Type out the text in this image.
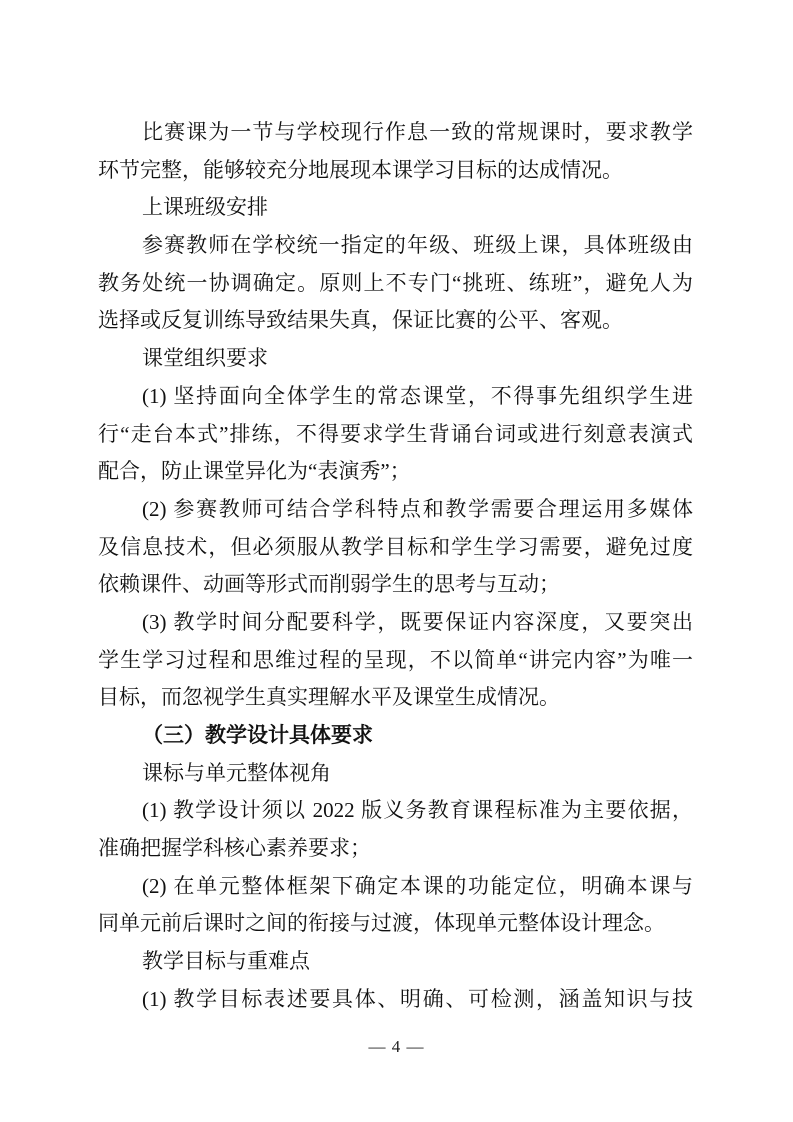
比赛课为一节与学校现行作息一致的常规课时，要求教学
环节完整，能够较充分地展现本课学习目标的达成情况。
上课班级安排
参赛教师在学校统一指定的年级、班级上课，具体班级由
教务处统一协调确定。原则上不专门“挑班、练班”，避免人为
选择或反复训练导致结果失真，保证比赛的公平、客观。
课堂组织要求
(1) 坚持面向全体学生的常态课堂，不得事先组织学生进
行“走台本式”排练，不得要求学生背诵台词或进行刻意表演式
配合，防止课堂异化为“表演秀”；
(2) 参赛教师可结合学科特点和教学需要合理运用多媒体
及信息技术，但必须服从教学目标和学生学习需要，避免过度
依赖课件、动画等形式而削弱学生的思考与互动；
(3) 教学时间分配要科学，既要保证内容深度，又要突出
学生学习过程和思维过程的呈现，不以简单“讲完内容”为唯一
目标，而忽视学生真实理解水平及课堂生成情况。
（三）教学设计具体要求
课标与单元整体视角
(1) 教学设计须以 2022 版义务教育课程标准为主要依据，
准确把握学科核心素养要求；
(2) 在单元整体框架下确定本课的功能定位，明确本课与
同单元前后课时之间的衔接与过渡，体现单元整体设计理念。
教学目标与重难点
(1) 教学目标表述要具体、明确、可检测，涵盖知识与技
— 4 —
